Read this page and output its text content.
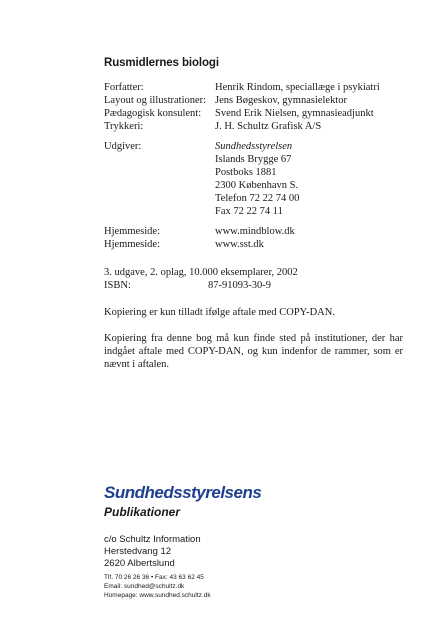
Rusmidlernes biologi
Forfatter:	Henrik Rindom, speciallæge i psykiatri
Layout og illustrationer: Jens Bøgeskov, gymnasielektor
Pædagogisk konsulent: Svend Erik Nielsen, gymnasieadjunkt
Trykkeri:	J. H. Schultz Grafisk A/S
Udgiver:	Sundhedsstyrelsen
Islands Brygge 67
Postboks 1881
2300 København S.
Telefon 72 22 74 00
Fax 72 22 74 11
Hjemmeside:	www.mindblow.dk
Hjemmeside:	www.sst.dk
3. udgave, 2. oplag, 10.000 eksemplarer, 2002
ISBN:	87-91093-30-9
Kopiering er kun tilladt ifølge aftale med COPY-DAN.
Kopiering fra denne bog må kun finde sted på institutioner, der har indgået aftale med COPY-DAN, og kun indenfor de rammer, som er nævnt i aftalen.
Sundhedsstyrelsens
Publikationer
c/o Schultz Information
Herstedvang 12
2620 Albertslund
Tlf. 70 26 26 36 • Fax: 43 63 62 45
Email: sundhed@schultz.dk
Homepage: www.sundhed.schultz.dk
